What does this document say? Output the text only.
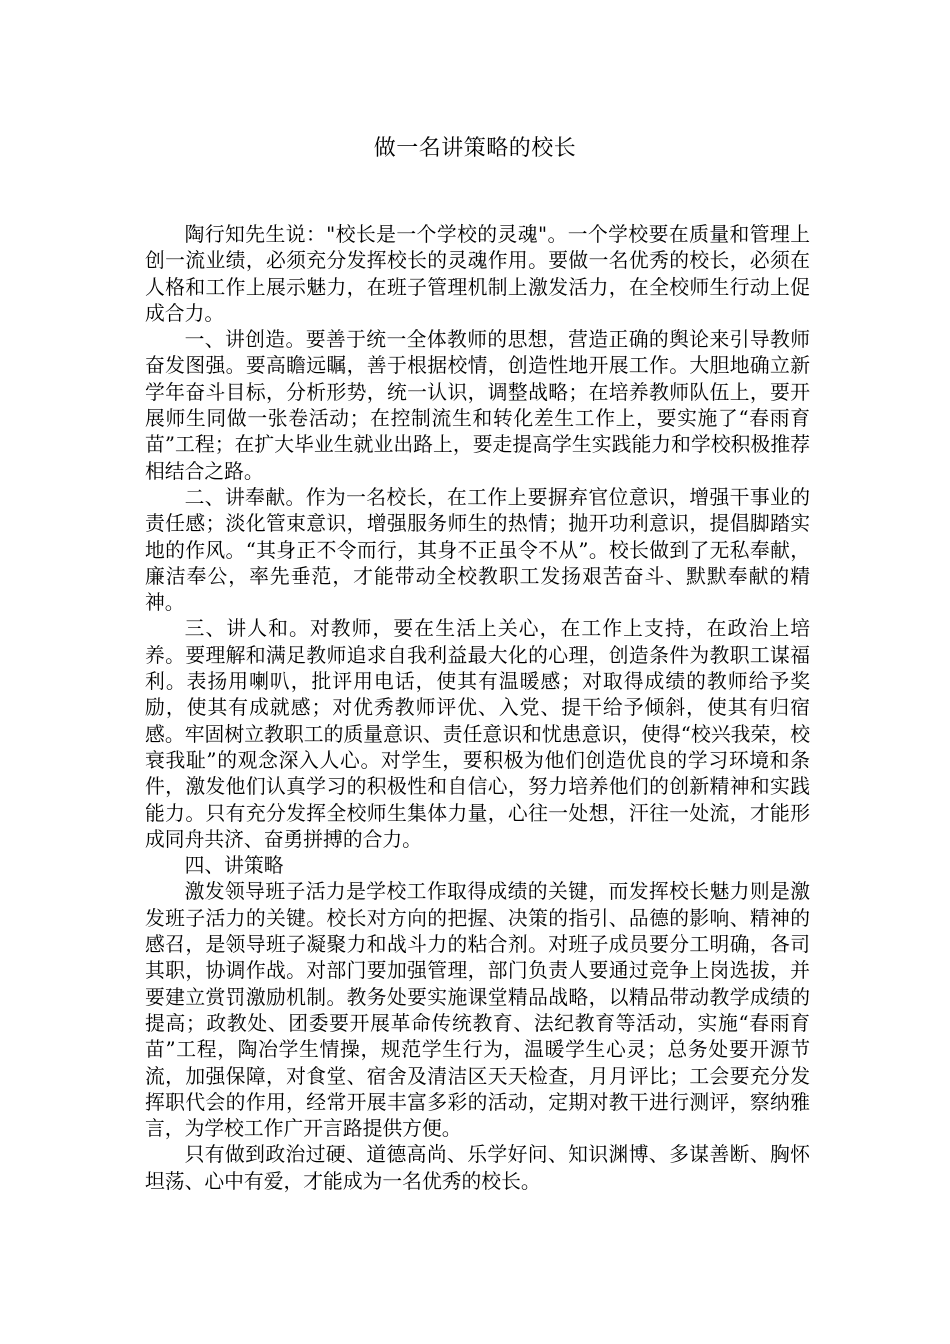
做一名讲策略的校长

陶行知先生说："校长是一个学校的灵魂"。一个学校要在质量和管理上创一流业绩，必须充分发挥校长的灵魂作用。要做一名优秀的校长，必须在人格和工作上展示魅力，在班子管理机制上激发活力，在全校师生行动上促成合力。

一、讲创造。要善于统一全体教师的思想，营造正确的舆论来引导教师奋发图强。要高瞻远瞩，善于根据校情，创造性地开展工作。大胆地确立新学年奋斗目标，分析形势，统一认识，调整战略；在培养教师队伍上，要开展师生同做一张卷活动；在控制流生和转化差生工作上，要实施了“春雨育苗”工程；在扩大毕业生就业出路上，要走提高学生实践能力和学校积极推荐相结合之路。

二、讲奉献。作为一名校长，在工作上要摒弃官位意识，增强干事业的责任感；淡化管束意识，增强服务师生的热情；抛开功利意识，提倡脚踏实地的作风。“其身正不令而行，其身不正虽令不从”。校长做到了无私奉献，廉洁奉公，率先垂范，才能带动全校教职工发扬艰苦奋斗、默默奉献的精神。

三、讲人和。对教师，要在生活上关心，在工作上支持，在政治上培养。要理解和满足教师追求自我利益最大化的心理，创造条件为教职工谋福利。表扬用喇叭，批评用电话，使其有温暖感；对取得成绩的教师给予奖励，使其有成就感；对优秀教师评优、入党、提干给予倾斜，使其有归宿感。牢固树立教职工的质量意识、责任意识和忧患意识，使得“校兴我荣，校衰我耻”的观念深入人心。对学生，要积极为他们创造优良的学习环境和条件，激发他们认真学习的积极性和自信心，努力培养他们的创新精神和实践能力。只有充分发挥全校师生集体力量，心往一处想，汗往一处流，才能形成同舟共济、奋勇拼搏的合力。

四、讲策略

激发领导班子活力是学校工作取得成绩的关键，而发挥校长魅力则是激发班子活力的关键。校长对方向的把握、决策的指引、品德的影响、精神的感召，是领导班子凝聚力和战斗力的粘合剂。对班子成员要分工明确，各司其职，协调作战。对部门要加强管理，部门负责人要通过竞争上岗选拔，并要建立赏罚激励机制。教务处要实施课堂精品战略，以精品带动教学成绩的提高；政教处、团委要开展革命传统教育、法纪教育等活动，实施“春雨育苗”工程，陶冶学生情操，规范学生行为，温暖学生心灵；总务处要开源节流，加强保障，对食堂、宿舍及清洁区天天检查，月月评比；工会要充分发挥职代会的作用，经常开展丰富多彩的活动，定期对教干进行测评，察纳雅言，为学校工作广开言路提供方便。

只有做到政治过硬、道德高尚、乐学好问、知识渊博、多谋善断、胸怀坦荡、心中有爱，才能成为一名优秀的校长。
